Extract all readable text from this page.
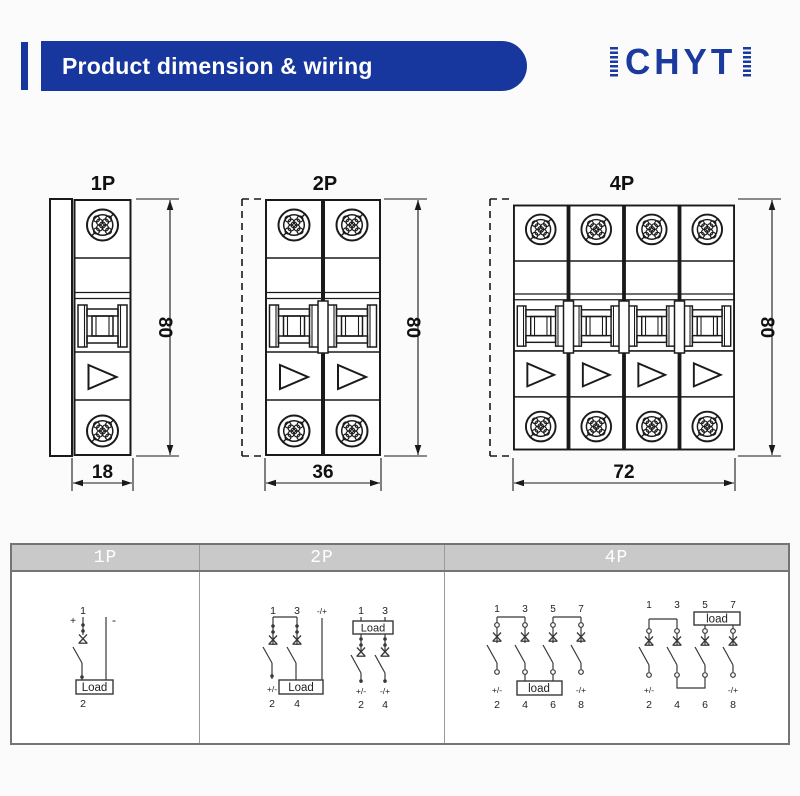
Product dimension & wiring	CHYT
1P
80
18
2P
80
36
4P
80
72
1P	2P	4P
1
+	-
Load
2
1 3 -/+
+/- Load
2 4
1 3
Load
+/- -/+
2 4
1 3 5 7
+/- load	-/+
2 4 6 8
1 3 5 7
load
+/-	-/+
2 4 6 8
